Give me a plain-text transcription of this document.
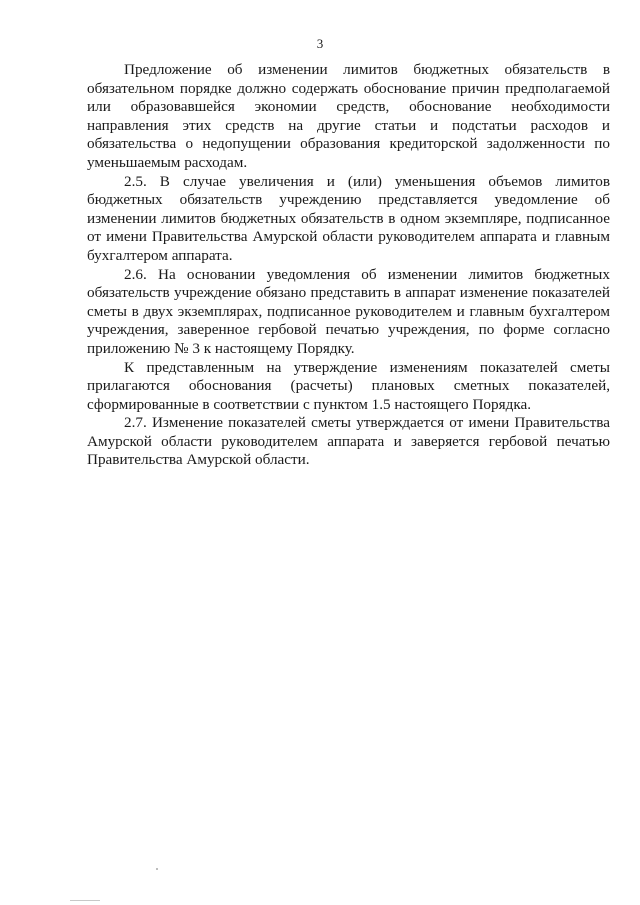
3

Предложение об изменении лимитов бюджетных обязательств в обязательном порядке должно содержать обоснование причин предполагаемой или образовавшейся экономии средств, обоснование необходимости направления этих средств на другие статьи и подстатьи расходов и обязательства о недопущении образования кредиторской задолженности по уменьшаемым расходам.

2.5. В случае увеличения и (или) уменьшения объемов лимитов бюджетных обязательств учреждению представляется уведомление об изменении лимитов бюджетных обязательств в одном экземпляре, подписанное от имени Правительства Амурской области руководителем аппарата и главным бухгалтером аппарата.

2.6. На основании уведомления об изменении лимитов бюджетных обязательств учреждение обязано представить в аппарат изменение показателей сметы в двух экземплярах, подписанное руководителем и главным бухгалтером учреждения, заверенное гербовой печатью учреждения, по форме согласно приложению № 3 к настоящему Порядку.

К представленным на утверждение изменениям показателей сметы прилагаются обоснования (расчеты) плановых сметных показателей, сформированные в соответствии с пунктом 1.5 настоящего Порядка.

2.7. Изменение показателей сметы утверждается от имени Правительства Амурской области руководителем аппарата и заверяется гербовой печатью Правительства Амурской области.
